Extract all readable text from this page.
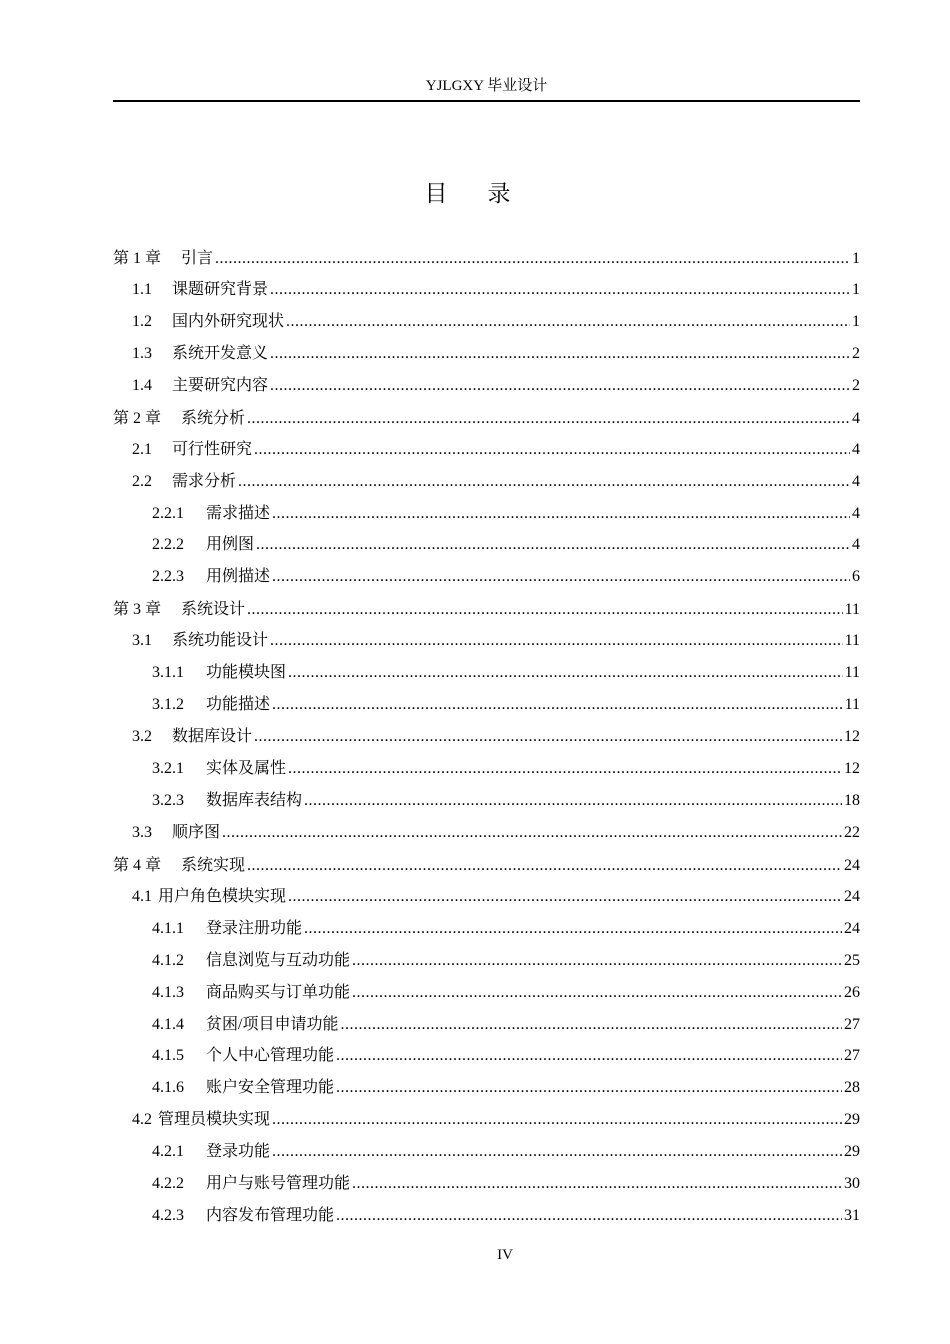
YJLGXY 毕业设计
目录
第 1 章 引言 .....	1
1.1 课题研究背景 .....	1
1.2 国内外研究现状 .....	1
1.3 系统开发意义 .....	2
1.4 主要研究内容 .....	2
第 2 章 系统分析 .....	4
2.1 可行性研究 .....	4
2.2 需求分析 .....	4
2.2.1 需求描述 .....	4
2.2.2 用例图 .....	4
2.2.3 用例描述 .....	6
第 3 章 系统设计 .....	11
3.1 系统功能设计 .....	11
3.1.1 功能模块图 .....	11
3.1.2 功能描述 .....	11
3.2 数据库设计 .....	12
3.2.1 实体及属性 .....	12
3.2.3 数据库表结构 .....	18
3.3 顺序图 .....	22
第 4 章 系统实现 .....	24
4.1 用户角色模块实现 .....	24
4.1.1 登录注册功能 .....	24
4.1.2 信息浏览与互动功能 .....	25
4.1.3 商品购买与订单功能 .....	26
4.1.4 贫困/项目申请功能 .....	27
4.1.5 个人中心管理功能 .....	27
4.1.6 账户安全管理功能 .....	28
4.2 管理员模块实现 .....	29
4.2.1 登录功能 .....	29
4.2.2 用户与账号管理功能 .....	30
4.2.3 内容发布管理功能 .....	31
IV
